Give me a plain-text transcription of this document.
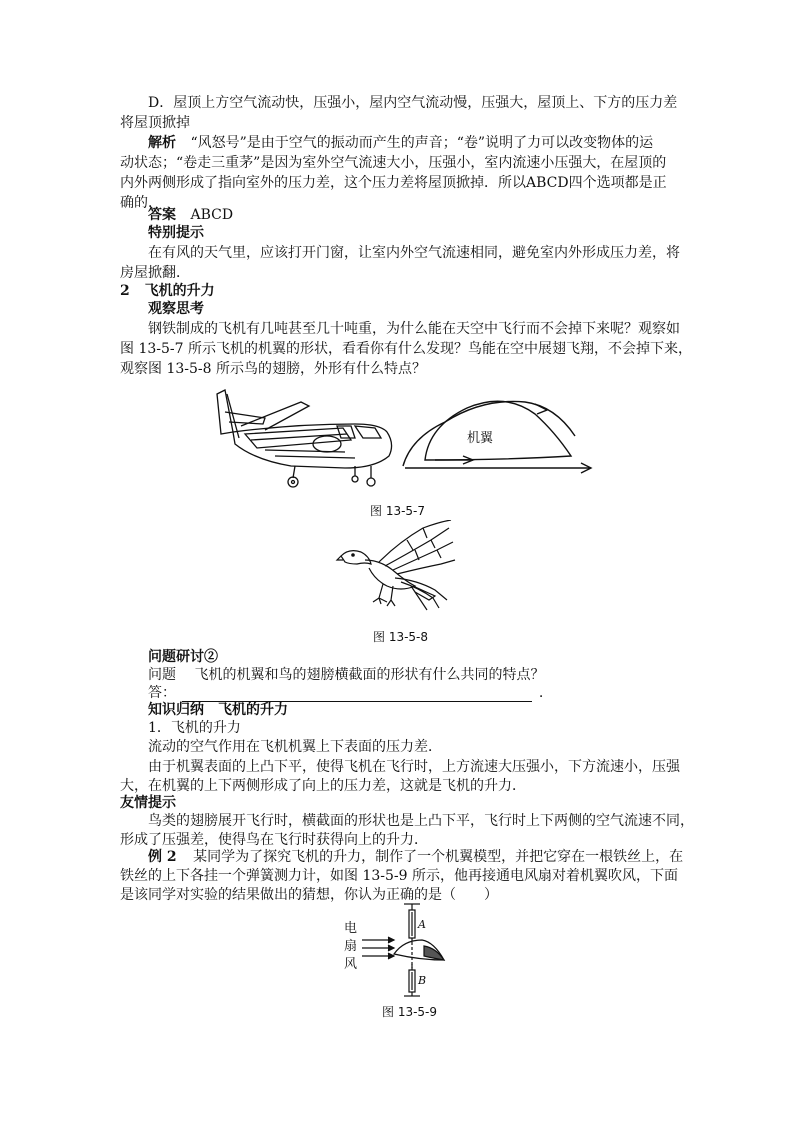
D．屋顶上方空气流动快，压强小，屋内空气流动慢，压强大，屋顶上、下方的压力差
将屋顶掀掉
解析 “风怒号”是由于空气的振动而产生的声音；“卷”说明了力可以改变物体的运
动状态；“卷走三重茅”是因为室外空气流速大小，压强小，室内流速小压强大，在屋顶的
内外两侧形成了指向室外的压力差，这个压力差将屋顶掀掉．所以ABCD四个选项都是正
确的．
答案 ABCD
特别提示
在有风的天气里，应该打开门窗，让室内外空气流速相同，避免室内外形成压力差，将
房屋掀翻．
2 飞机的升力
观察思考
钢铁制成的飞机有几吨甚至几十吨重，为什么能在天空中飞行而不会掉下来呢？观察如
图 13-5-7 所示飞机的机翼的形状，看看你有什么发现？鸟能在空中展翅飞翔，不会掉下来，
观察图 13-5-8 所示鸟的翅膀，外形有什么特点？
机翼
图 13-5-7
图 13-5-8
问题研讨②
问题 飞机的机翼和鸟的翅膀横截面的形状有什么共同的特点？
答：	.
知识归纳　飞机的升力
1．飞机的升力
流动的空气作用在飞机机翼上下表面的压力差．
由于机翼表面的上凸下平，使得飞机在飞行时，上方流速大压强小，下方流速小，压强
大，在机翼的上下两侧形成了向上的压力差，这就是飞机的升力．
友情提示
鸟类的翅膀展开飞行时，横截面的形状也是上凸下平，飞行时上下两侧的空气流速不同，
形成了压强差，使得鸟在飞行时获得向上的升力．
例 2 某同学为了探究飞机的升力，制作了一个机翼模型，并把它穿在一根铁丝上，在
铁丝的上下各挂一个弹簧测力计，如图 13-5-9 所示，他再接通电风扇对着机翼吹风，下面
是该同学对实验的结果做出的猜想，你认为正确的是（　　）
电
扇
风
A
B
图 13-5-9
